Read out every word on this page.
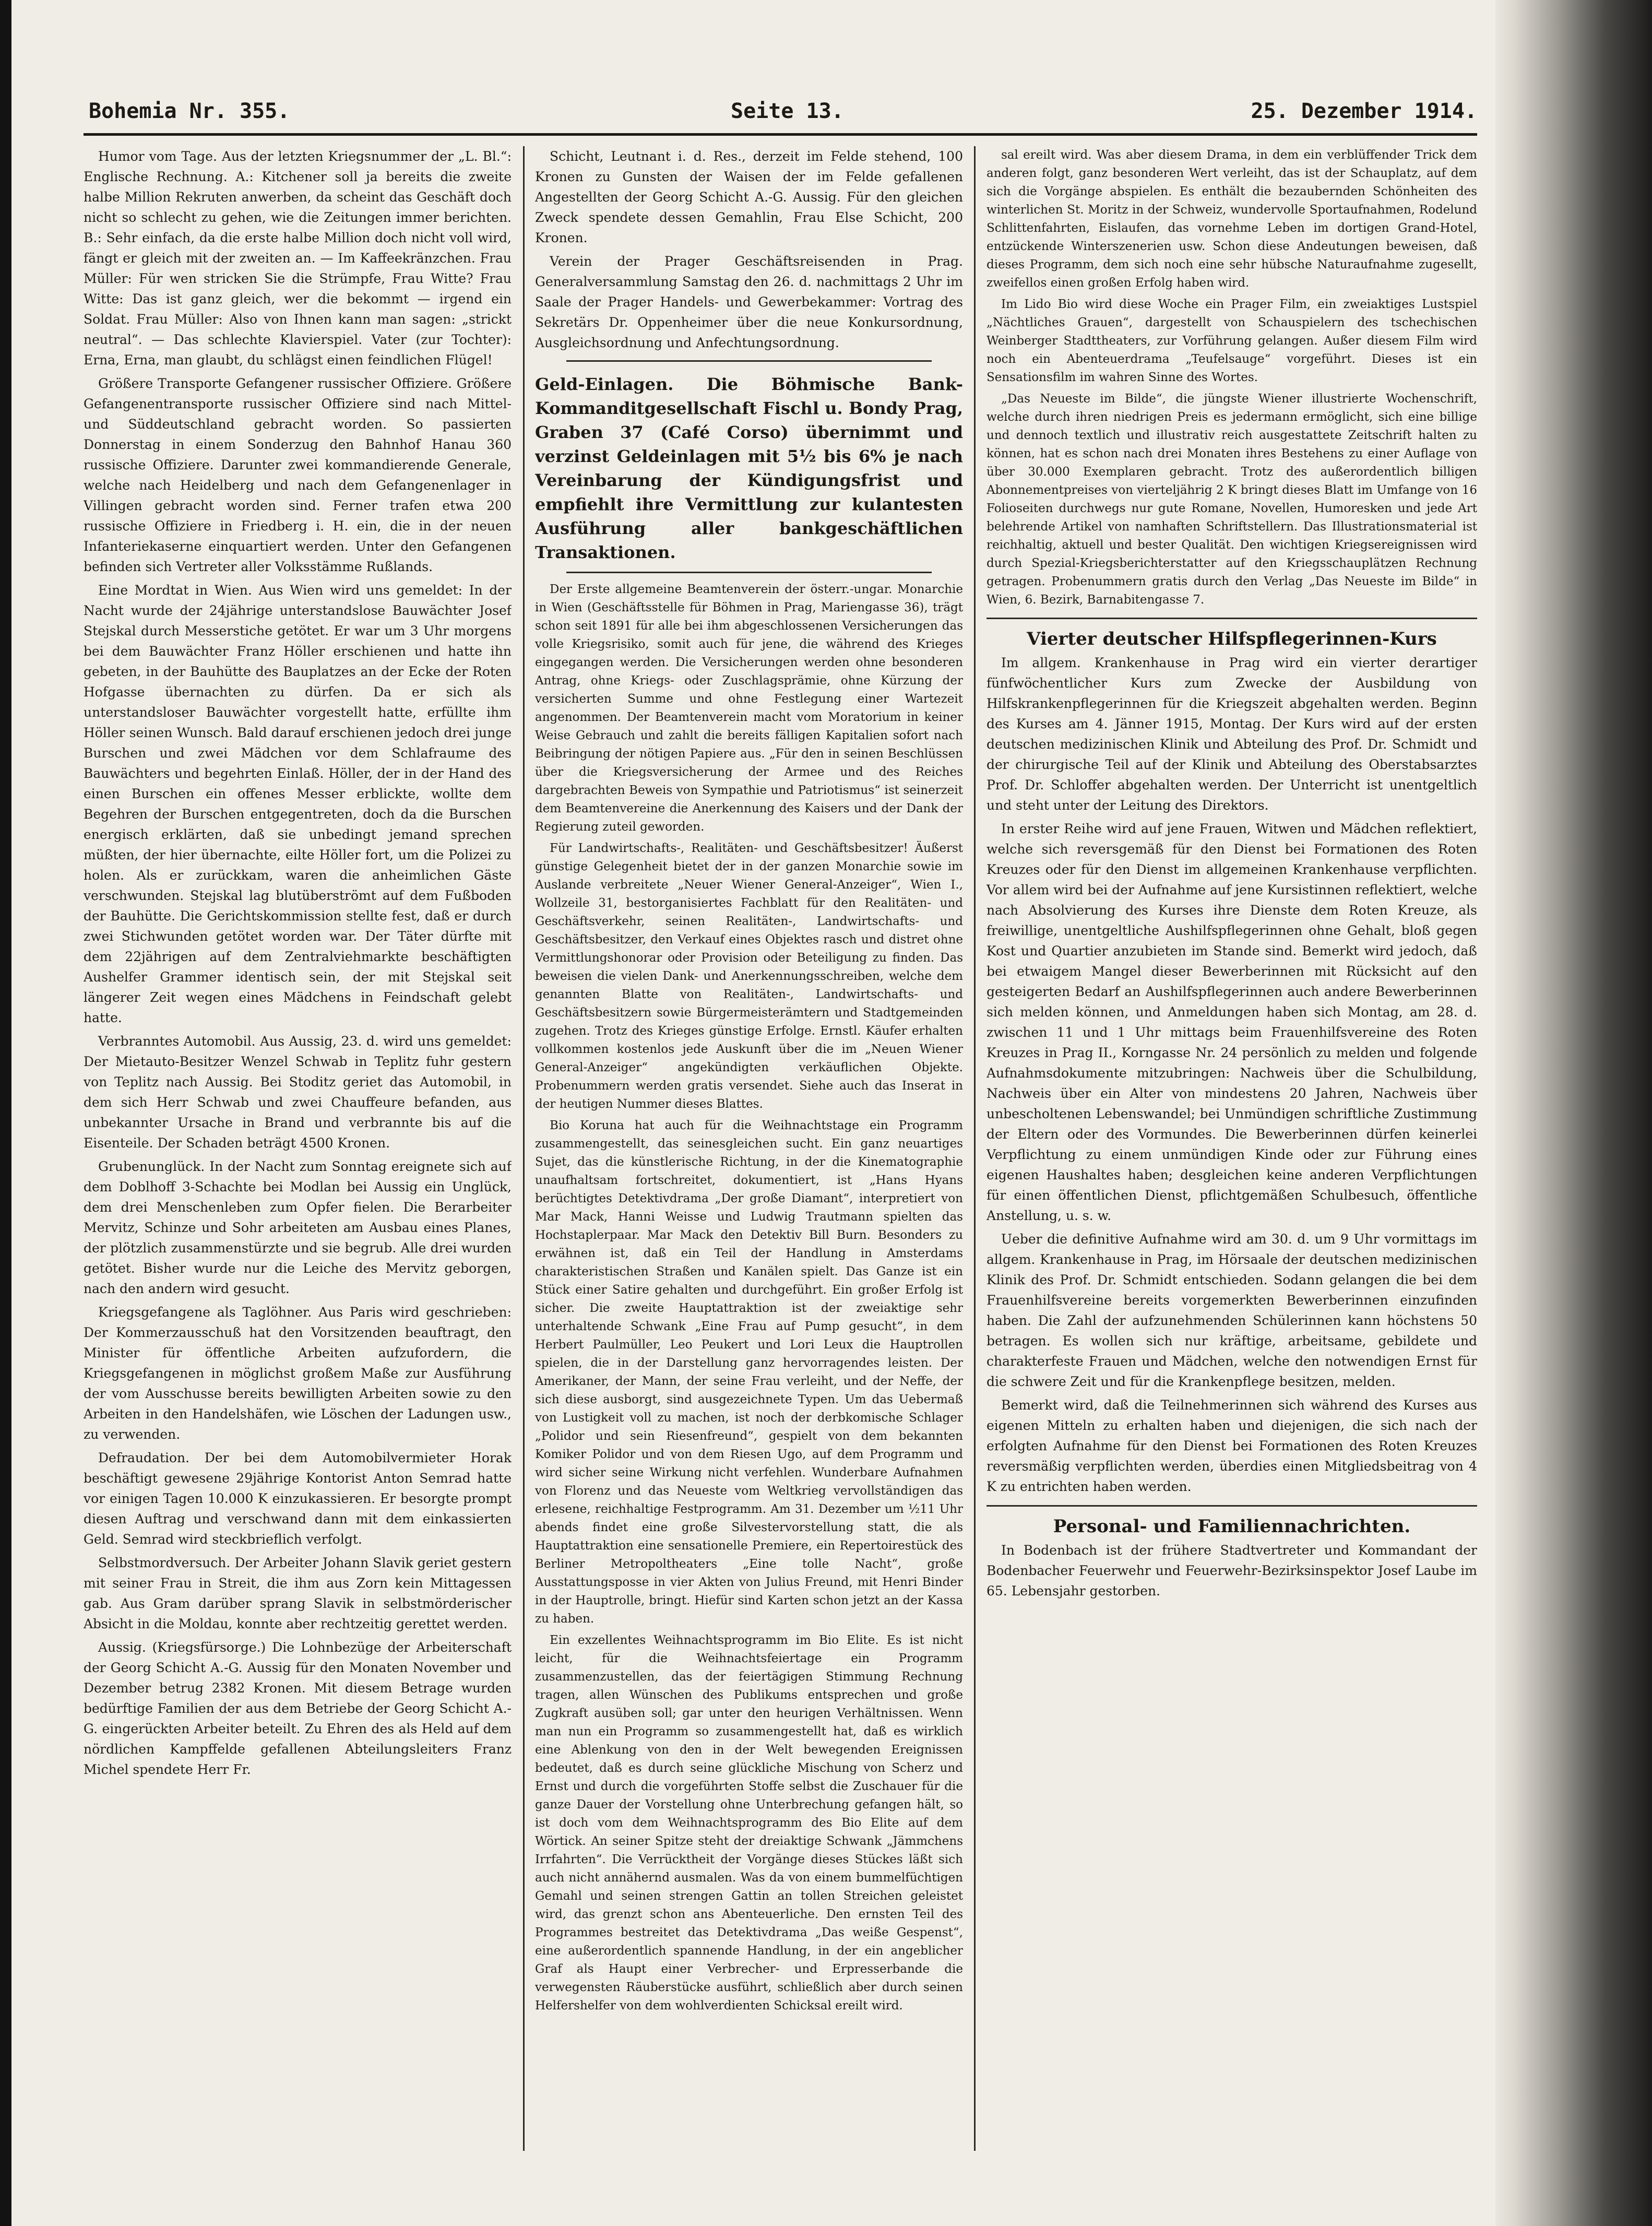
Bohemia Nr. 355.	Seite 13.	25. Dezember 1914.

Humor vom Tage. Aus der letzten Kriegsnummer der „L. Bl.“: Englische Rechnung. A.: Kitchener soll ja bereits die zweite halbe Million Rekruten anwerben, da scheint das Geschäft doch nicht so schlecht zu gehen, wie die Zeitungen immer berichten. B.: Sehr einfach, da die erste halbe Million doch nicht voll wird, fängt er gleich mit der zweiten an. — Im Kaffeekränzchen. Frau Müller: Für wen stricken Sie die Strümpfe, Frau Witte? Frau Witte: Das ist ganz gleich, wer die bekommt — irgend ein Soldat. Frau Müller: Also von Ihnen kann man sagen: „strickt neutral“. — Das schlechte Klavierspiel. Vater (zur Tochter): Erna, Erna, man glaubt, du schlägst einen feindlichen Flügel!

Größere Transporte Gefangener russischer Offiziere. Größere Gefangenentransporte russischer Offiziere sind nach Mittel- und Süddeutschland gebracht worden. So passierten Donnerstag in einem Sonderzug den Bahnhof Hanau 360 russische Offiziere. Darunter zwei kommandierende Generale, welche nach Heidelberg und nach dem Gefangenenlager in Villingen gebracht worden sind. Ferner trafen etwa 200 russische Offiziere in Friedberg i. H. ein, die in der neuen Infanteriekaserne einquartiert werden. Unter den Gefangenen befinden sich Vertreter aller Volksstämme Rußlands.

Eine Mordtat in Wien. Aus Wien wird uns gemeldet: In der Nacht wurde der 24jährige unterstandslose Bauwächter Josef Stejskal durch Messerstiche getötet. Er war um 3 Uhr morgens bei dem Bauwächter Franz Höller erschienen und hatte ihn gebeten, in der Bauhütte des Bauplatzes an der Ecke der Roten Hofgasse übernachten zu dürfen. Da er sich als unterstandsloser Bauwächter vorgestellt hatte, erfüllte ihm Höller seinen Wunsch. Bald darauf erschienen jedoch drei junge Burschen und zwei Mädchen vor dem Schlafraume des Bauwächters und begehrten Einlaß. Höller, der in der Hand des einen Burschen ein offenes Messer erblickte, wollte dem Begehren der Burschen entgegentreten, doch da die Burschen energisch erklärten, daß sie unbedingt jemand sprechen müßten, der hier übernachte, eilte Höller fort, um die Polizei zu holen. Als er zurückkam, waren die anheimlichen Gäste verschwunden. Stejskal lag blutüberströmt auf dem Fußboden der Bauhütte. Die Gerichtskommission stellte fest, daß er durch zwei Stichwunden getötet worden war. Der Täter dürfte mit dem 22jährigen auf dem Zentralviehmarkte beschäftigten Aushelfer Grammer identisch sein, der mit Stejskal seit längerer Zeit wegen eines Mädchens in Feindschaft gelebt hatte.

Verbranntes Automobil. Aus Aussig, 23. d. wird uns gemeldet: Der Mietauto-Besitzer Wenzel Schwab in Teplitz fuhr gestern von Teplitz nach Aussig. Bei Stoditz geriet das Automobil, in dem sich Herr Schwab und zwei Chauffeure befanden, aus unbekannter Ursache in Brand und verbrannte bis auf die Eisenteile. Der Schaden beträgt 4500 Kronen.

Grubenunglück. In der Nacht zum Sonntag ereignete sich auf dem Doblhoff 3-Schachte bei Modlan bei Aussig ein Unglück, dem drei Menschenleben zum Opfer fielen. Die Berarbeiter Mervitz, Schinze und Sohr arbeiteten am Ausbau eines Planes, der plötzlich zusammenstürzte und sie begrub. Alle drei wurden getötet. Bisher wurde nur die Leiche des Mervitz geborgen, nach den andern wird gesucht.

Kriegsgefangene als Taglöhner. Aus Paris wird geschrieben: Der Kommerzausschuß hat den Vorsitzenden beauftragt, den Minister für öffentliche Arbeiten aufzufordern, die Kriegsgefangenen in möglichst großem Maße zur Ausführung der vom Ausschusse bereits bewilligten Arbeiten sowie zu den Arbeiten in den Handelshäfen, wie Löschen der Ladungen usw., zu verwenden.

Defraudation. Der bei dem Automobilvermieter Horak beschäftigt gewesene 29jährige Kontorist Anton Semrad hatte vor einigen Tagen 10.000 K einzukassieren. Er besorgte prompt diesen Auftrag und verschwand dann mit dem einkassierten Geld. Semrad wird steckbrieflich verfolgt.

Selbstmordversuch. Der Arbeiter Johann Slavik geriet gestern mit seiner Frau in Streit, die ihm aus Zorn kein Mittagessen gab. Aus Gram darüber sprang Slavik in selbstmörderischer Absicht in die Moldau, konnte aber rechtzeitig gerettet werden.

Aussig. (Kriegsfürsorge.) Die Lohnbezüge der Arbeiterschaft der Georg Schicht A.-G. Aussig für den Monaten November und Dezember betrug 2382 Kronen. Mit diesem Betrage wurden bedürftige Familien der aus dem Betriebe der Georg Schicht A.-G. eingerückten Arbeiter beteilt. Zu Ehren des als Held auf dem nördlichen Kampffelde gefallenen Abteilungsleiters Franz Michel spendete Herr Fr.

Schicht, Leutnant i. d. Res., derzeit im Felde stehend, 100 Kronen zu Gunsten der Waisen der im Felde gefallenen Angestellten der Georg Schicht A.-G. Aussig. Für den gleichen Zweck spendete dessen Gemahlin, Frau Else Schicht, 200 Kronen.

Verein der Prager Geschäftsreisenden in Prag. Generalversammlung Samstag den 26. d. nachmittags 2 Uhr im Saale der Prager Handels- und Gewerbekammer: Vortrag des Sekretärs Dr. Oppenheimer über die neue Konkursordnung, Ausgleichsordnung und Anfechtungsordnung.

Geld-Einlagen. Die Böhmische Bank-Kommanditgesellschaft Fischl u. Bondy Prag, Graben 37 (Café Corso) übernimmt und verzinst Geldeinlagen mit 5½ bis 6% je nach Vereinbarung der Kündigungsfrist und empfiehlt ihre Vermittlung zur kulantesten Ausführung aller bankgeschäftlichen Transaktionen.

Der Erste allgemeine Beamtenverein der österr.-ungar. Monarchie in Wien (Geschäftsstelle für Böhmen in Prag, Mariengasse 36), trägt schon seit 1891 für alle bei ihm abgeschlossenen Versicherungen das volle Kriegsrisiko, somit auch für jene, die während des Krieges eingegangen werden. Die Versicherungen werden ohne besonderen Antrag, ohne Kriegs- oder Zuschlagsprämie, ohne Kürzung der versicherten Summe und ohne Festlegung einer Wartezeit angenommen. Der Beamtenverein macht vom Moratorium in keiner Weise Gebrauch und zahlt die bereits fälligen Kapitalien sofort nach Beibringung der nötigen Papiere aus. „Für den in seinen Beschlüssen über die Kriegsversicherung der Armee und des Reiches dargebrachten Beweis von Sympathie und Patriotismus“ ist seinerzeit dem Beamtenvereine die Anerkennung des Kaisers und der Dank der Regierung zuteil geworden.

Für Landwirtschafts-, Realitäten- und Geschäftsbesitzer! Äußerst günstige Gelegenheit bietet der in der ganzen Monarchie sowie im Auslande verbreitete „Neuer Wiener General-Anzeiger“, Wien I., Wollzeile 31, bestorganisiertes Fachblatt für den Realitäten- und Geschäftsverkehr, seinen Realitäten-, Landwirtschafts- und Geschäftsbesitzer, den Verkauf eines Objektes rasch und distret ohne Vermittlungshonorar oder Provision oder Beteiligung zu finden. Das beweisen die vielen Dank- und Anerkennungsschreiben, welche dem genannten Blatte von Realitäten-, Landwirtschafts- und Geschäftsbesitzern sowie Bürgermeisterämtern und Stadtgemeinden zugehen. Trotz des Krieges günstige Erfolge. Ernstl. Käufer erhalten vollkommen kostenlos jede Auskunft über die im „Neuen Wiener General-Anzeiger“ angekündigten verkäuflichen Objekte. Probenummern werden gratis versendet. Siehe auch das Inserat in der heutigen Nummer dieses Blattes.

Bio Koruna hat auch für die Weihnachtstage ein Programm zusammengestellt, das seinesgleichen sucht. Ein ganz neuartiges Sujet, das die künstlerische Richtung, in der die Kinematographie unaufhaltsam fortschreitet, dokumentiert, ist „Hans Hyans berüchtigtes Detektivdrama „Der große Diamant“, interpretiert von Mar Mack, Hanni Weisse und Ludwig Trautmann spielten das Hochstaplerpaar. Mar Mack den Detektiv Bill Burn. Besonders zu erwähnen ist, daß ein Teil der Handlung in Amsterdams charakteristischen Straßen und Kanälen spielt. Das Ganze ist ein Stück einer Satire gehalten und durchgeführt. Ein großer Erfolg ist sicher. Die zweite Hauptattraktion ist der zweiaktige sehr unterhaltende Schwank „Eine Frau auf Pump gesucht“, in dem Herbert Paulmüller, Leo Peukert und Lori Leux die Hauptrollen spielen, die in der Darstellung ganz hervorragendes leisten. Der Amerikaner, der Mann, der seine Frau verleiht, und der Neffe, der sich diese ausborgt, sind ausgezeichnete Typen. Um das Uebermaß von Lustigkeit voll zu machen, ist noch der derbkomische Schlager „Polidor und sein Riesenfreund“, gespielt von dem bekannten Komiker Polidor und von dem Riesen Ugo, auf dem Programm und wird sicher seine Wirkung nicht verfehlen. Wunderbare Aufnahmen von Florenz und das Neueste vom Weltkrieg vervollständigen das erlesene, reichhaltige Festprogramm. Am 31. Dezember um ½11 Uhr abends findet eine große Silvestervorstellung statt, die als Hauptattraktion eine sensationelle Premiere, ein Repertoirestück des Berliner Metropoltheaters „Eine tolle Nacht“, große Ausstattungsposse in vier Akten von Julius Freund, mit Henri Binder in der Hauptrolle, bringt. Hiefür sind Karten schon jetzt an der Kassa zu haben.

Ein exzellentes Weihnachtsprogramm im Bio Elite. Es ist nicht leicht, für die Weihnachtsfeiertage ein Programm zusammenzustellen, das der feiertägigen Stimmung Rechnung tragen, allen Wünschen des Publikums entsprechen und große Zugkraft ausüben soll; gar unter den heurigen Verhältnissen. Wenn man nun ein Programm so zusammengestellt hat, daß es wirklich eine Ablenkung von den in der Welt bewegenden Ereignissen bedeutet, daß es durch seine glückliche Mischung von Scherz und Ernst und durch die vorgeführten Stoffe selbst die Zuschauer für die ganze Dauer der Vorstellung ohne Unterbrechung gefangen hält, so ist doch vom dem Weihnachtsprogramm des Bio Elite auf dem Wörtick. An seiner Spitze steht der dreiaktige Schwank „Jämmchens Irrfahrten“. Die Verrücktheit der Vorgänge dieses Stückes läßt sich auch nicht annähernd ausmalen. Was da von einem bummelfüchtigen Gemahl und seinen strengen Gattin an tollen Streichen geleistet wird, das grenzt schon ans Abenteuerliche. Den ernsten Teil des Programmes bestreitet das Detektivdrama „Das weiße Gespenst“, eine außerordentlich spannende Handlung, in der ein angeblicher Graf als Haupt einer Verbrecher- und Erpresserbande die verwegensten Räuberstücke ausführt, schließlich aber durch seinen Helfershelfer von dem wohlverdienten Schicksal ereilt wird.

sal ereilt wird. Was aber diesem Drama, in dem ein verblüffender Trick dem anderen folgt, ganz besonderen Wert verleiht, das ist der Schauplatz, auf dem sich die Vorgänge abspielen. Es enthält die bezaubernden Schönheiten des winterlichen St. Moritz in der Schweiz, wundervolle Sportaufnahmen, Rodelund Schlittenfahrten, Eislaufen, das vornehme Leben im dortigen Grand-Hotel, entzückende Winterszenerien usw. Schon diese Andeutungen beweisen, daß dieses Programm, dem sich noch eine sehr hübsche Naturaufnahme zugesellt, zweifellos einen großen Erfolg haben wird.

Im Lido Bio wird diese Woche ein Prager Film, ein zweiaktiges Lustspiel „Nächtliches Grauen“, dargestellt von Schauspielern des tschechischen Weinberger Stadttheaters, zur Vorführung gelangen. Außer diesem Film wird noch ein Abenteuerdrama „Teufelsauge“ vorgeführt. Dieses ist ein Sensationsfilm im wahren Sinne des Wortes.

„Das Neueste im Bilde“, die jüngste Wiener illustrierte Wochenschrift, welche durch ihren niedrigen Preis es jedermann ermöglicht, sich eine billige und dennoch textlich und illustrativ reich ausgestattete Zeitschrift halten zu können, hat es schon nach drei Monaten ihres Bestehens zu einer Auflage von über 30.000 Exemplaren gebracht. Trotz des außerordentlich billigen Abonnementpreises von vierteljährig 2 K bringt dieses Blatt im Umfange von 16 Folioseiten durchwegs nur gute Romane, Novellen, Humoresken und jede Art belehrende Artikel von namhaften Schriftstellern. Das Illustrationsmaterial ist reichhaltig, aktuell und bester Qualität. Den wichtigen Kriegsereignissen wird durch Spezial-Kriegsberichterstatter auf den Kriegsschauplätzen Rechnung getragen. Probenummern gratis durch den Verlag „Das Neueste im Bilde“ in Wien, 6. Bezirk, Barnabitengasse 7.

Vierter deutscher Hilfspflegerinnen-Kurs

Im allgem. Krankenhause in Prag wird ein vierter derartiger fünfwöchentlicher Kurs zum Zwecke der Ausbildung von Hilfskrankenpflegerinnen für die Kriegszeit abgehalten werden. Beginn des Kurses am 4. Jänner 1915, Montag. Der Kurs wird auf der ersten deutschen medizinischen Klinik und Abteilung des Prof. Dr. Schmidt und der chirurgische Teil auf der Klinik und Abteilung des Oberstabsarztes Prof. Dr. Schloffer abgehalten werden. Der Unterricht ist unentgeltlich und steht unter der Leitung des Direktors.

In erster Reihe wird auf jene Frauen, Witwen und Mädchen reflektiert, welche sich reversgemäß für den Dienst bei Formationen des Roten Kreuzes oder für den Dienst im allgemeinen Krankenhause verpflichten. Vor allem wird bei der Aufnahme auf jene Kursistinnen reflektiert, welche nach Absolvierung des Kurses ihre Dienste dem Roten Kreuze, als freiwillige, unentgeltliche Aushilfspflegerinnen ohne Gehalt, bloß gegen Kost und Quartier anzubieten im Stande sind. Bemerkt wird jedoch, daß bei etwaigem Mangel dieser Bewerberinnen mit Rücksicht auf den gesteigerten Bedarf an Aushilfspflegerinnen auch andere Bewerberinnen sich melden können, und Anmeldungen haben sich Montag, am 28. d. zwischen 11 und 1 Uhr mittags beim Frauenhilfsvereine des Roten Kreuzes in Prag II., Korngasse Nr. 24 persönlich zu melden und folgende Aufnahmsdokumente mitzubringen: Nachweis über die Schulbildung, Nachweis über ein Alter von mindestens 20 Jahren, Nachweis über unbescholtenen Lebenswandel; bei Unmündigen schriftliche Zustimmung der Eltern oder des Vormundes. Die Bewerberinnen dürfen keinerlei Verpflichtung zu einem unmündigen Kinde oder zur Führung eines eigenen Haushaltes haben; desgleichen keine anderen Verpflichtungen für einen öffentlichen Dienst, pflichtgemäßen Schulbesuch, öffentliche Anstellung, u. s. w.

Ueber die definitive Aufnahme wird am 30. d. um 9 Uhr vormittags im allgem. Krankenhause in Prag, im Hörsaale der deutschen medizinischen Klinik des Prof. Dr. Schmidt entschieden. Sodann gelangen die bei dem Frauenhilfsvereine bereits vorgemerkten Bewerberinnen einzufinden haben. Die Zahl der aufzunehmenden Schülerinnen kann höchstens 50 betragen. Es wollen sich nur kräftige, arbeitsame, gebildete und charakterfeste Frauen und Mädchen, welche den notwendigen Ernst für die schwere Zeit und für die Krankenpflege besitzen, melden.

Bemerkt wird, daß die Teilnehmerinnen sich während des Kurses aus eigenen Mitteln zu erhalten haben und diejenigen, die sich nach der erfolgten Aufnahme für den Dienst bei Formationen des Roten Kreuzes reversmäßig verpflichten werden, überdies einen Mitgliedsbeitrag von 4 K zu entrichten haben werden.

Personal- und Familiennachrichten.

In Bodenbach ist der frühere Stadtvertreter und Kommandant der Bodenbacher Feuerwehr und Feuerwehr-Bezirksinspektor Josef Laube im 65. Lebensjahr gestorben.
